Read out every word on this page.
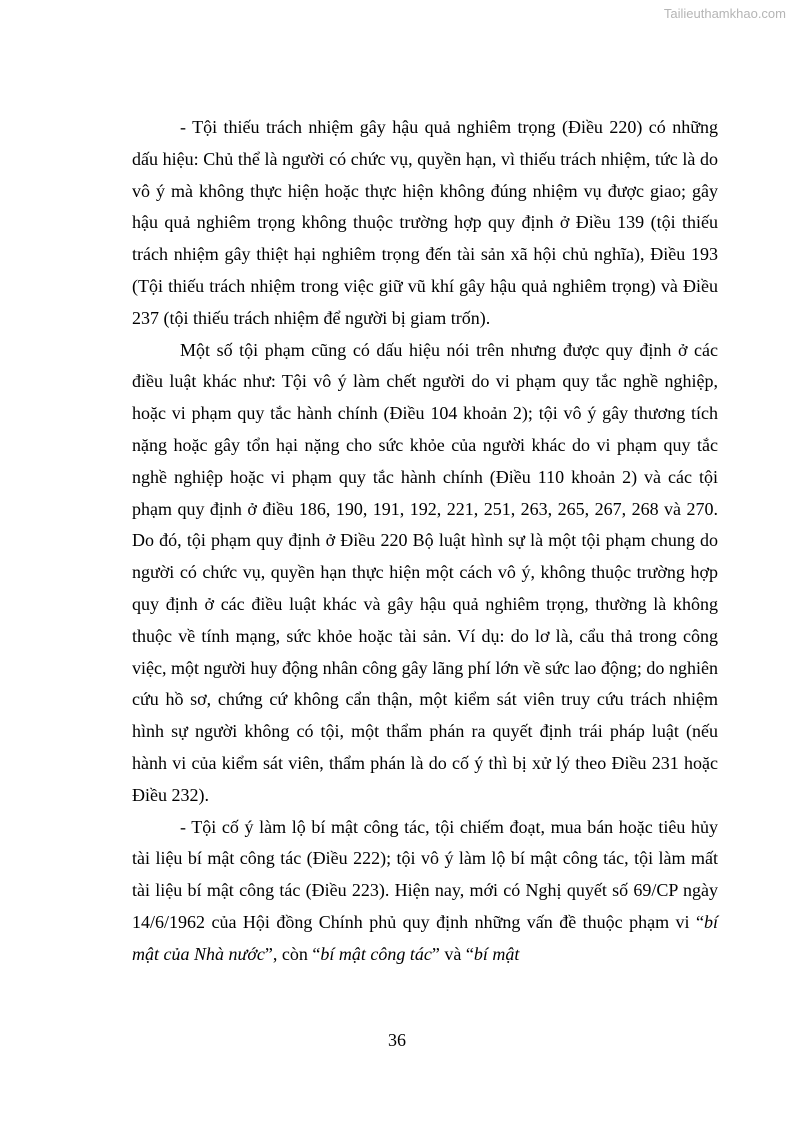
Tailieuthamkhao.com

- Tội thiếu trách nhiệm gây hậu quả nghiêm trọng (Điều 220) có những dấu hiệu: Chủ thể là người có chức vụ, quyền hạn, vì thiếu trách nhiệm, tức là do vô ý mà không thực hiện hoặc thực hiện không đúng nhiệm vụ được giao; gây hậu quả nghiêm trọng không thuộc trường hợp quy định ở Điều 139 (tội thiếu trách nhiệm gây thiệt hại nghiêm trọng đến tài sản xã hội chủ nghĩa), Điều 193 (Tội thiếu trách nhiệm trong việc giữ vũ khí gây hậu quả nghiêm trọng) và Điều 237 (tội thiếu trách nhiệm để người bị giam trốn).

Một số tội phạm cũng có dấu hiệu nói trên nhưng được quy định ở các điều luật khác như: Tội vô ý làm chết người do vi phạm quy tắc nghề nghiệp, hoặc vi phạm quy tắc hành chính (Điều 104 khoản 2); tội vô ý gây thương tích nặng hoặc gây tổn hại nặng cho sức khỏe của người khác do vi phạm quy tắc nghề nghiệp hoặc vi phạm quy tắc hành chính (Điều 110 khoản 2) và các tội phạm quy định ở điều 186, 190, 191, 192, 221, 251, 263, 265, 267, 268 và 270. Do đó, tội phạm quy định ở Điều 220 Bộ luật hình sự là một tội phạm chung do người có chức vụ, quyền hạn thực hiện một cách vô ý, không thuộc trường hợp quy định ở các điều luật khác và gây hậu quả nghiêm trọng, thường là không thuộc về tính mạng, sức khỏe hoặc tài sản. Ví dụ: do lơ là, cẩu thả trong công việc, một người huy động nhân công gây lãng phí lớn về sức lao động; do nghiên cứu hồ sơ, chứng cứ không cẩn thận, một kiểm sát viên truy cứu trách nhiệm hình sự người không có tội, một thẩm phán ra quyết định trái pháp luật (nếu hành vi của kiểm sát viên, thẩm phán là do cố ý thì bị xử lý theo Điều 231 hoặc Điều 232).

- Tội cố ý làm lộ bí mật công tác, tội chiếm đoạt, mua bán hoặc tiêu hủy tài liệu bí mật công tác (Điều 222); tội vô ý làm lộ bí mật công tác, tội làm mất tài liệu bí mật công tác (Điều 223). Hiện nay, mới có Nghị quyết số 69/CP ngày 14/6/1962 của Hội đồng Chính phủ quy định những vấn đề thuộc phạm vi “bí mật của Nhà nước”, còn “bí mật công tác” và “bí mật

36
